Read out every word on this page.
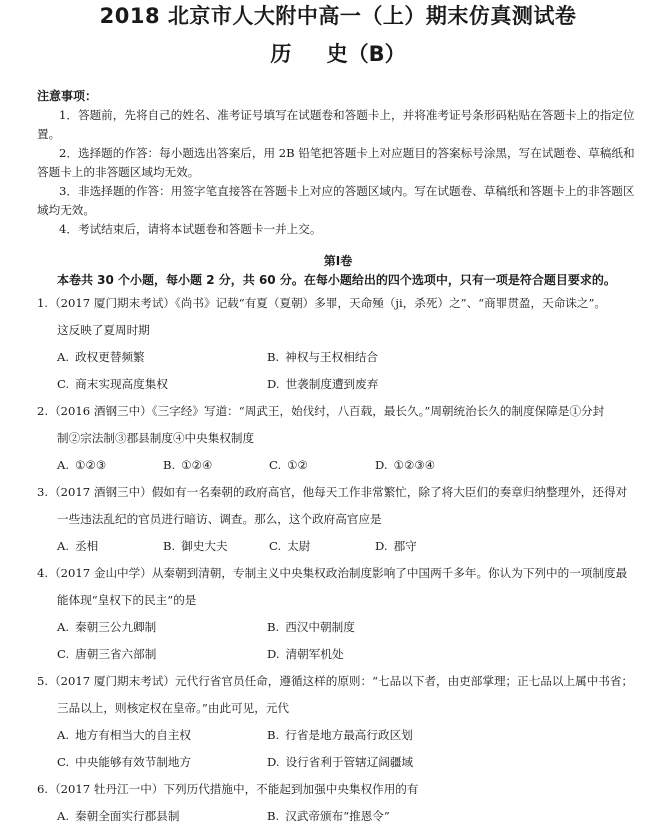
2018 北京市人大附中高一（上）期末仿真测试卷
历 史（B）
注意事项：

1．答题前，先将自己的姓名、准考证号填写在试题卷和答题卡上，并将准考证号条形码粘贴在答题卡上的指定位置。

2．选择题的作答：每小题选出答案后，用 2B 铅笔把答题卡上对应题目的答案标号涂黑，写在试题卷、草稿纸和答题卡上的非答题区域均无效。

3．非选择题的作答：用签字笔直接答在答题卡上对应的答题区域内。写在试题卷、草稿纸和答题卡上的非答题区域均无效。

4．考试结束后，请将本试题卷和答题卡一并上交。

第Ⅰ卷
本卷共 30 个小题，每小题 2 分，共 60 分。在每小题给出的四个选项中，只有一项是符合题目要求的。
1.（2017 厦门期末考试）《尚书》记载“有夏（夏朝）多罪，天命殛（ji，杀死）之”、“商罪贯盈，天命诛之”。
这反映了夏周时期
A. 政权更替频繁	B. 神权与王权相结合
C. 商末实现高度集权	D. 世袭制度遭到废弃
2.（2016 酒钢三中）《三字经》写道：“周武王，始伐纣，八百载，最长久。”周朝统治长久的制度保障是①分封
制②宗法制③郡县制度④中央集权制度
A. ①②③	B. ①②④	C. ①②	D. ①②③④
3.（2017 酒钢三中）假如有一名秦朝的政府高官，他每天工作非常繁忙，除了将大臣们的奏章归纳整理外，还得对
一些违法乱纪的官员进行暗访、调查。那么，这个政府高官应是
A. 丞相	B. 御史大夫	C. 太尉	D. 郡守
4.（2017 金山中学）从秦朝到清朝，专制主义中央集权政治制度影响了中国两千多年。你认为下列中的一项制度最
能体现“皇权下的民主”的是
A. 秦朝三公九卿制	B. 西汉中朝制度
C. 唐朝三省六部制	D. 清朝军机处
5.（2017 厦门期末考试）元代行省官员任命，遵循这样的原则：“七品以下者，由吏部掌理；正七品以上属中书省；
三品以上，则核定权在皇帝。”由此可见，元代
A. 地方有相当大的自主权	B. 行省是地方最高行政区划
C. 中央能够有效节制地方	D. 设行省利于管辖辽阔疆域
6.（2017 牡丹江一中）下列历代措施中，不能起到加强中央集权作用的有
A. 秦朝全面实行郡县制	B. 汉武帝颁布“推恩令”
